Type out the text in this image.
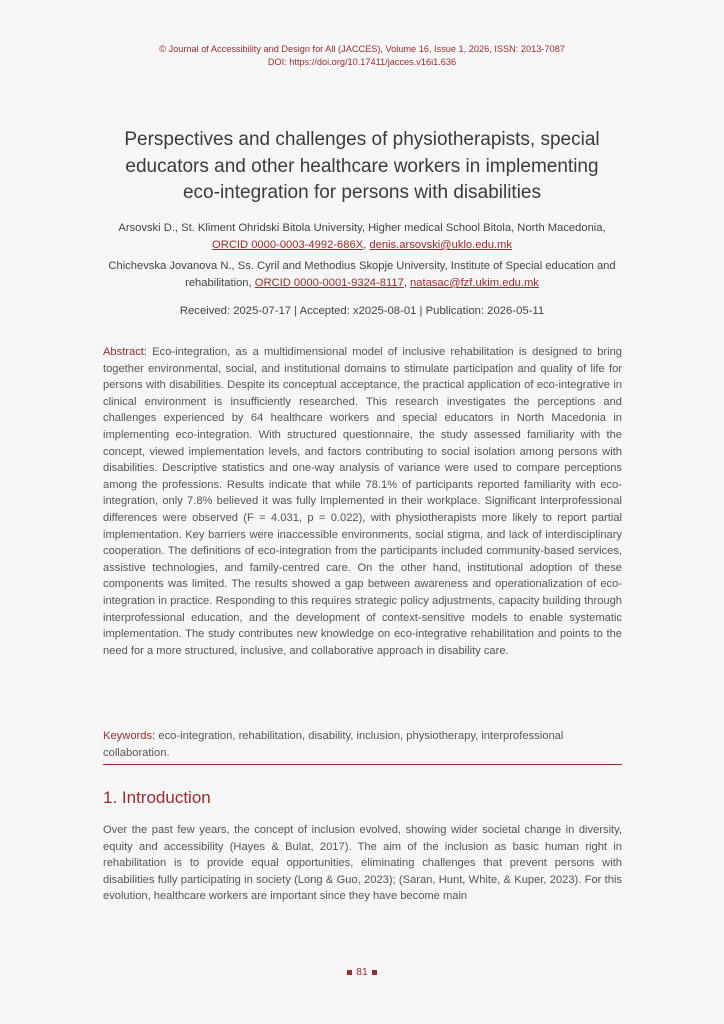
© Journal of Accessibility and Design for All (JACCES), Volume 16, Issue 1, 2026, ISSN: 2013-7087
DOI: https://doi.org/10.17411/jacces.v16i1.636
Perspectives and challenges of physiotherapists, special educators and other healthcare workers in implementing eco-integration for persons with disabilities
Arsovski D., St. Kliment Ohridski Bitola University, Higher medical School Bitola, North Macedonia, ORCID 0000-0003-4992-686X, denis.arsovski@uklo.edu.mk
Chichevska Jovanova N., Ss. Cyril and Methodius Skopje University, Institute of Special education and rehabilitation, ORCID 0000-0001-9324-8117, natasac@fzf.ukim.edu.mk
Received: 2025-07-17 | Accepted: x2025-08-01 | Publication: 2026-05-11
Abstract: Eco-integration, as a multidimensional model of inclusive rehabilitation is designed to bring together environmental, social, and institutional domains to stimulate participation and quality of life for persons with disabilities. Despite its conceptual acceptance, the practical application of eco-integrative in clinical environment is insufficiently researched. This research investigates the perceptions and challenges experienced by 64 healthcare workers and special educators in North Macedonia in implementing eco-integration. With structured questionnaire, the study assessed familiarity with the concept, viewed implementation levels, and factors contributing to social isolation among persons with disabilities. Descriptive statistics and one-way analysis of variance were used to compare perceptions among the professions. Results indicate that while 78.1% of participants reported familiarity with eco-integration, only 7.8% believed it was fully implemented in their workplace. Significant interprofessional differences were observed (F = 4.031, p = 0.022), with physiotherapists more likely to report partial implementation. Key barriers were inaccessible environments, social stigma, and lack of interdisciplinary cooperation. The definitions of eco-integration from the participants included community-based services, assistive technologies, and family-centred care. On the other hand, institutional adoption of these components was limited. The results showed a gap between awareness and operationalization of eco-integration in practice. Responding to this requires strategic policy adjustments, capacity building through interprofessional education, and the development of context-sensitive models to enable systematic implementation. The study contributes new knowledge on eco-integrative rehabilitation and points to the need for a more structured, inclusive, and collaborative approach in disability care.
Keywords: eco-integration, rehabilitation, disability, inclusion, physiotherapy, interprofessional collaboration.
1. Introduction
Over the past few years, the concept of inclusion evolved, showing wider societal change in diversity, equity and accessibility (Hayes & Bulat, 2017). The aim of the inclusion as basic human right in rehabilitation is to provide equal opportunities, eliminating challenges that prevent persons with disabilities fully participating in society (Long & Guo, 2023); (Saran, Hunt, White, & Kuper, 2023). For this evolution, healthcare workers are important since they have become main
81
